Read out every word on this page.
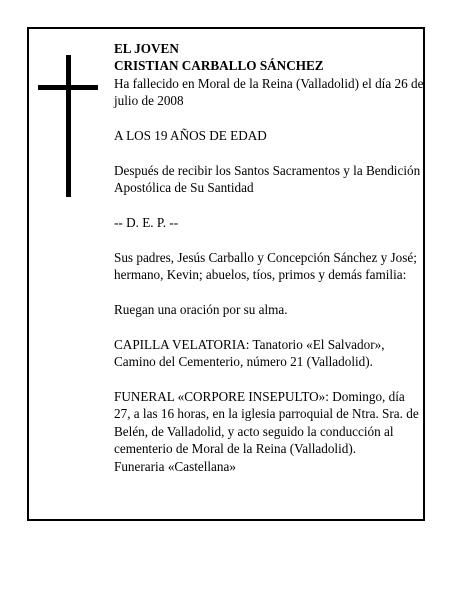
EL JOVEN
CRISTIAN CARBALLO SÁNCHEZ
Ha fallecido en Moral de la Reina (Valladolid) el día 26 de julio de 2008

A LOS 19 AÑOS DE EDAD

Después de recibir los Santos Sacramentos y la Bendición Apostólica de Su Santidad

-- D. E. P. --

Sus padres, Jesús Carballo y Concepción Sánchez y José; hermano, Kevin; abuelos, tíos, primos y demás familia:

Ruegan una oración por su alma.

CAPILLA VELATORIA: Tanatorio «El Salvador», Camino del Cementerio, número 21 (Valladolid).

FUNERAL «CORPORE INSEPULTO»: Domingo, día 27, a las 16 horas, en la iglesia parroquial de Ntra. Sra. de Belén, de Valladolid, y acto seguido la conducción al cementerio de Moral de la Reina (Valladolid).
Funeraria «Castellana»
